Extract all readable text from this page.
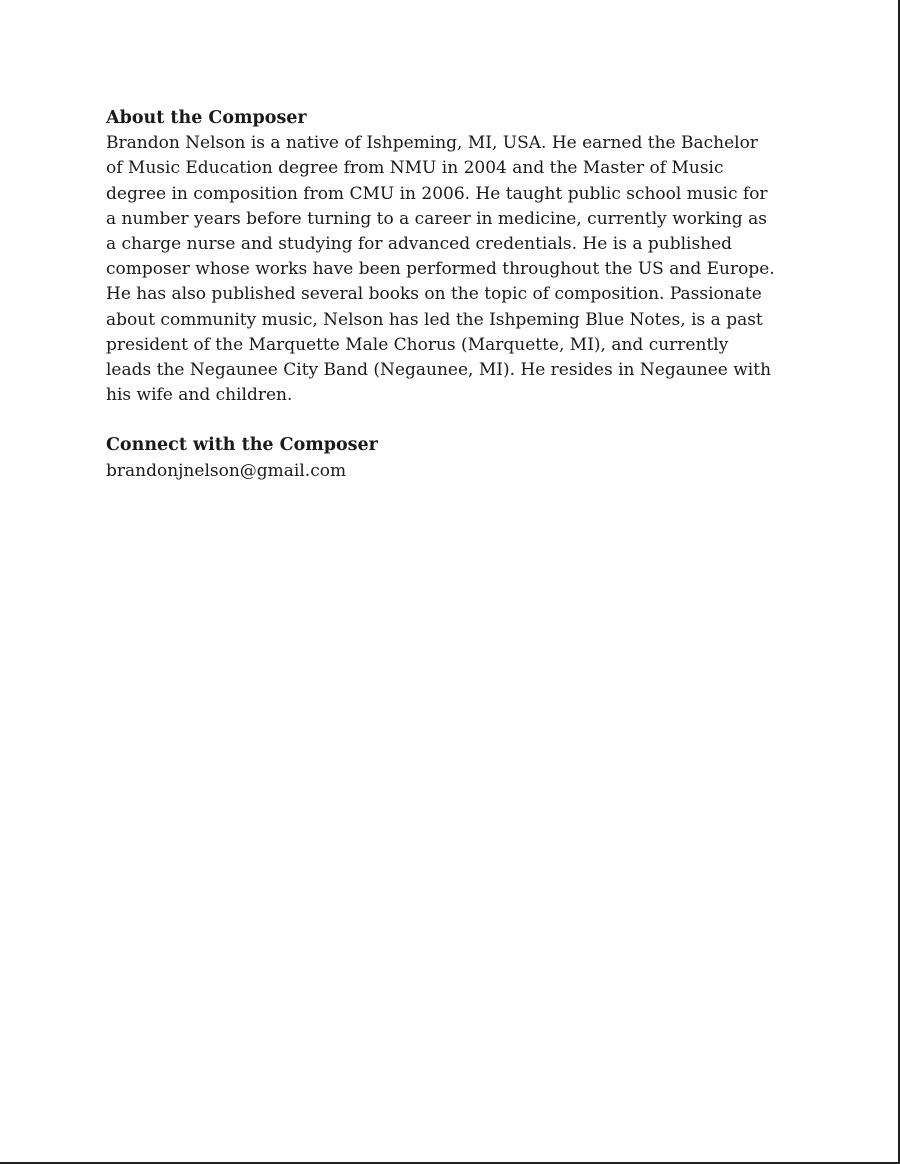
About the Composer

Brandon Nelson is a native of Ishpeming, MI, USA. He earned the Bachelor
of Music Education degree from NMU in 2004 and the Master of Music
degree in composition from CMU in 2006. He taught public school music for
a number years before turning to a career in medicine, currently working as
a charge nurse and studying for advanced credentials. He is a published
composer whose works have been performed throughout the US and Europe.
He has also published several books on the topic of composition. Passionate
about community music, Nelson has led the Ishpeming Blue Notes, is a past
president of the Marquette Male Chorus (Marquette, MI), and currently
leads the Negaunee City Band (Negaunee, MI). He resides in Negaunee with
his wife and children.

Connect with the Composer

brandonjnelson@gmail.com
